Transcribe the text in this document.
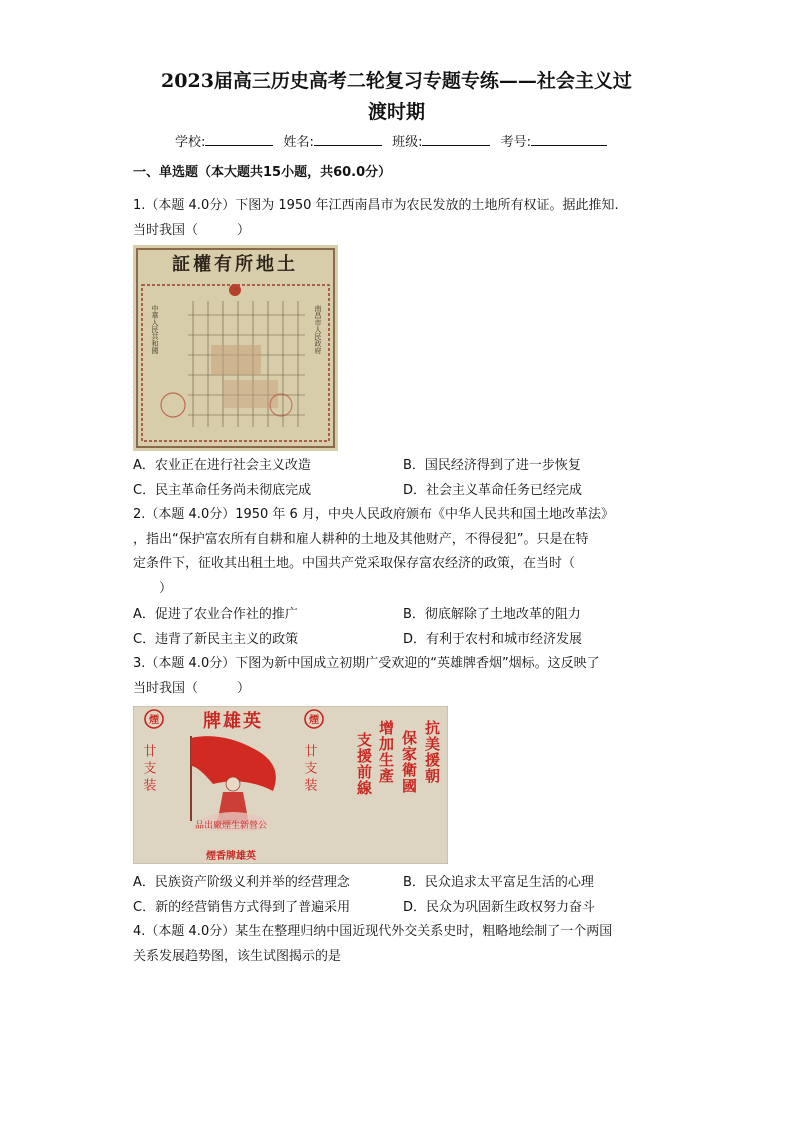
2023届高三历史高考二轮复习专题专练——社会主义过
渡时期
学校:	姓名:	班级:	考号:
一、单选题（本大题共15小题，共60.0分）

1.（本题 4.0分）下图为 1950 年江西南昌市为农民发放的土地所有权证。据此推知.

当时我国（　　　）

証權有所地土
中華人民共和國	南昌市人民政府
A．农业正在进行社会主义改造	B．国民经济得到了进一步恢复
C．民主革命任务尚未彻底完成	D．社会主义革命任务已经完成

2.（本题 4.0分）1950 年 6 月，中央人民政府颁布《中华人民共和国土地改革法》

，指出“保护富农所有自耕和雇人耕种的土地及其他财产，不得侵犯”。只是在特

定条件下，征收其出租土地。中国共产党采取保存富农经济的政策，在当时（

　　）

A．促进了农业合作社的推广	B．彻底解除了土地改革的阻力
C．违背了新民主主义的政策	D．有利于农村和城市经济发展

3.（本题 4.0分）下图为新中国成立初期广受欢迎的“英雄牌香烟”烟标。这反映了

当时我国（　　　）

煙	煙
牌雄英
廿支装	廿支装
品出廠煙生新營公
抗美援朝
保家衛國
增加生產
支援前線
煙香牌雄英
A．民族资产阶级义利并举的经营理念	B．民众追求太平富足生活的心理
C．新的经营销售方式得到了普遍采用	D．民众为巩固新生政权努力奋斗

4.（本题 4.0分）某生在整理归纳中国近现代外交关系史时，粗略地绘制了一个两国

关系发展趋势图，该生试图揭示的是
